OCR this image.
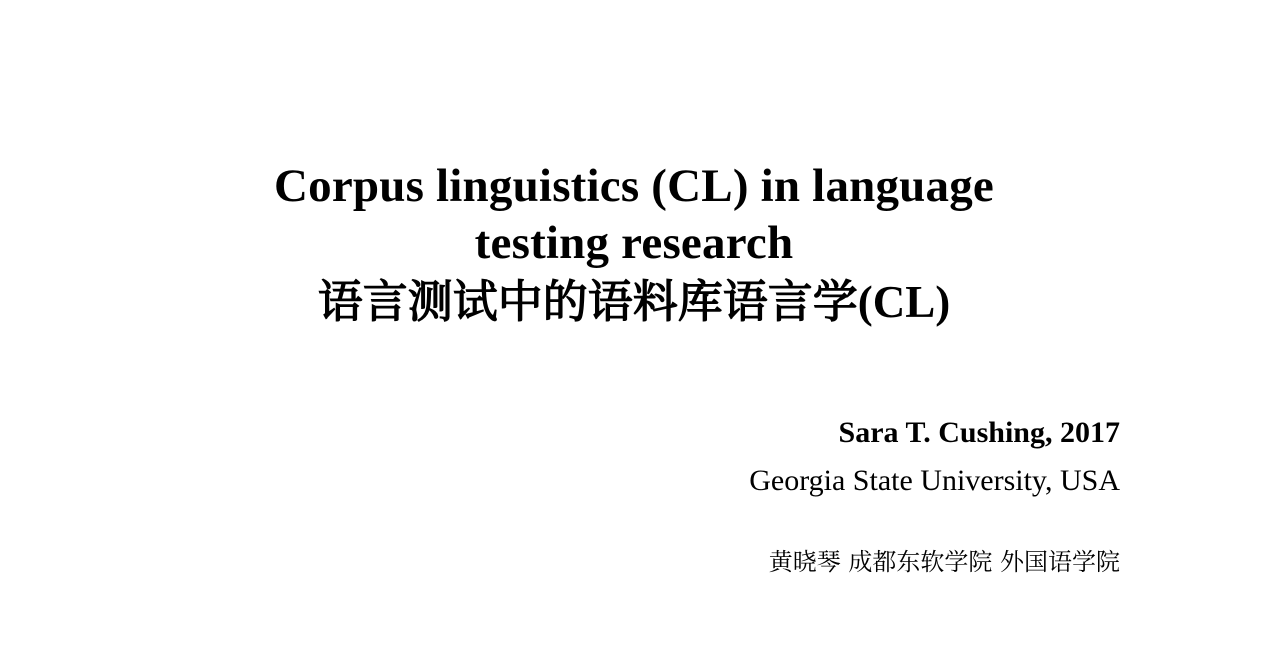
Corpus linguistics (CL) in language
testing research
语言测试中的语料库语言学(CL)
Sara T. Cushing, 2017
Georgia State University, USA
黄晓琴 成都东软学院 外国语学院
